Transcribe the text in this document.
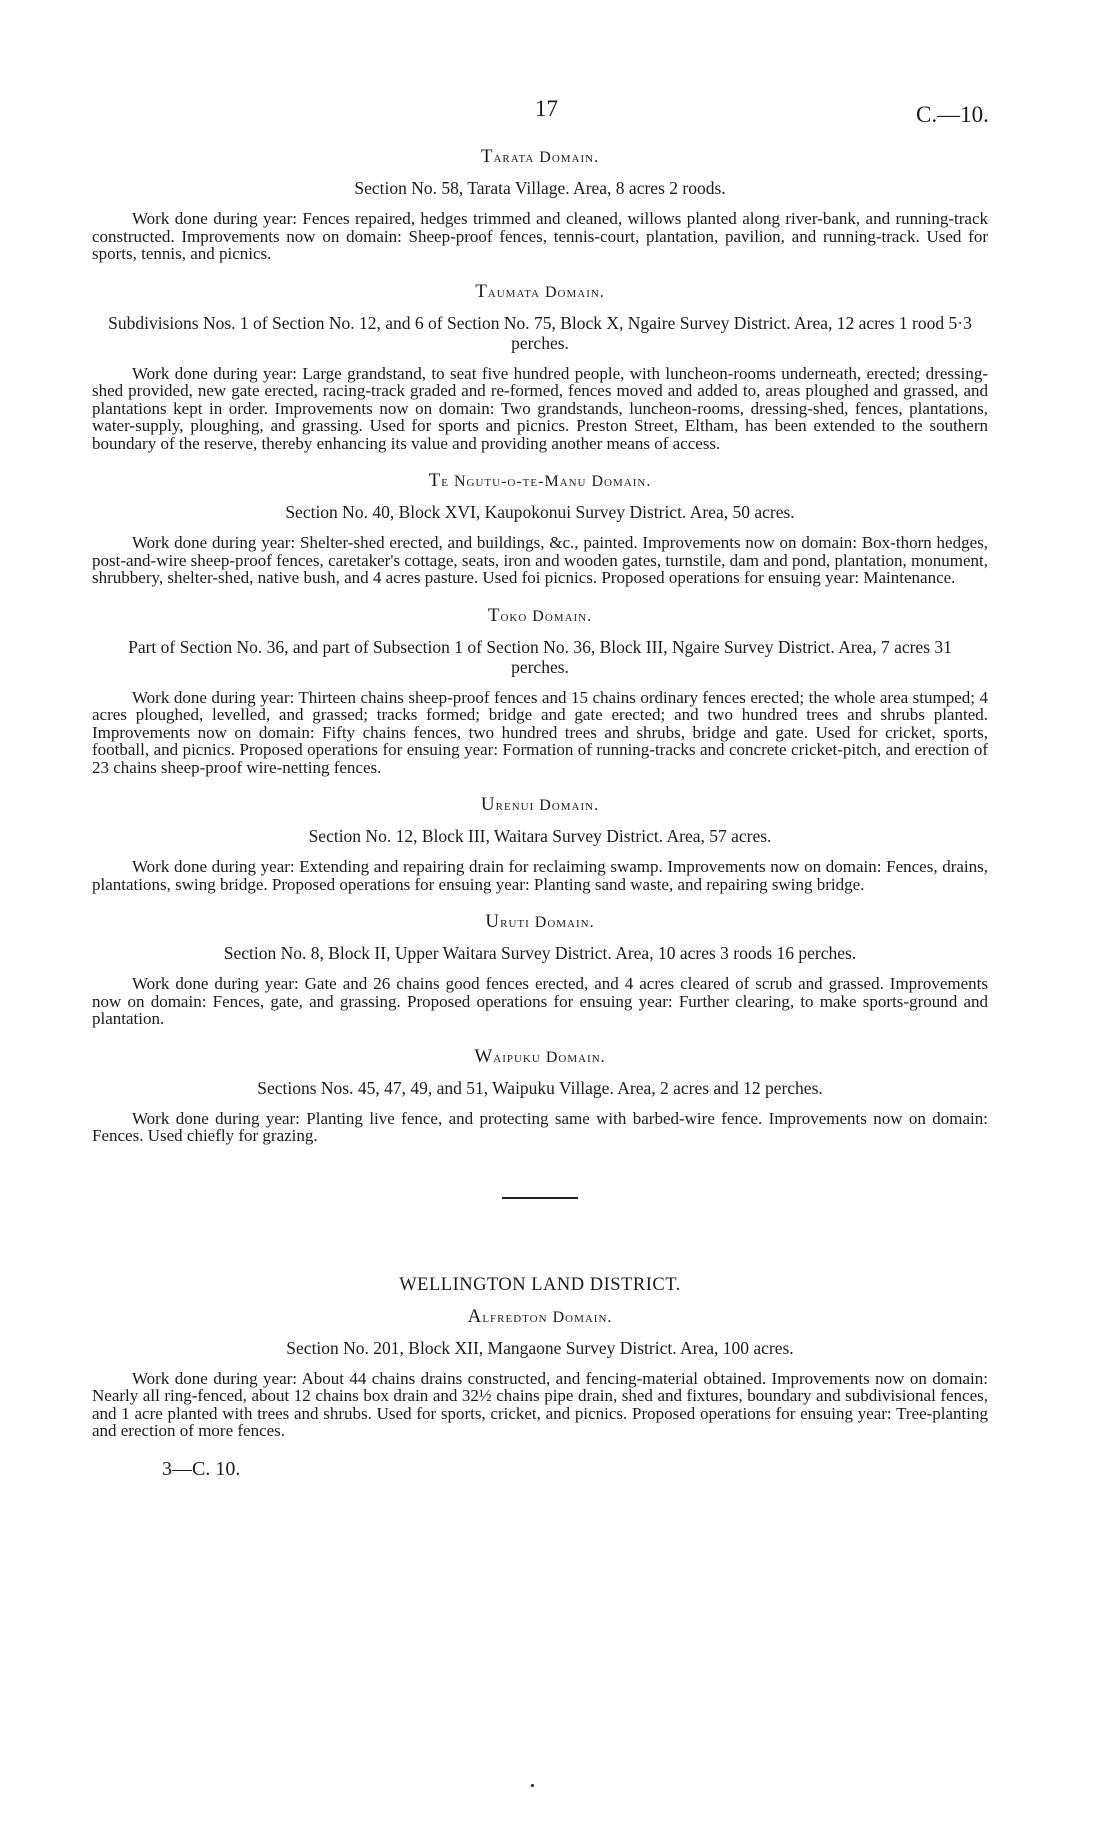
17	C.—10.
Tarata Domain.
Section No. 58, Tarata Village. Area, 8 acres 2 roods.

Work done during year: Fences repaired, hedges trimmed and cleaned, willows planted along river-bank, and running-track constructed. Improvements now on domain: Sheep-proof fences, tennis-court, plantation, pavilion, and running-track. Used for sports, tennis, and picnics.

Taumata Domain.
Subdivisions Nos. 1 of Section No. 12, and 6 of Section No. 75, Block X, Ngaire Survey District. Area, 12 acres 1 rood 5·3 perches.

Work done during year: Large grandstand, to seat five hundred people, with luncheon-rooms underneath, erected; dressing-shed provided, new gate erected, racing-track graded and re-formed, fences moved and added to, areas ploughed and grassed, and plantations kept in order. Improvements now on domain: Two grandstands, luncheon-rooms, dressing-shed, fences, plantations, water-supply, ploughing, and grassing. Used for sports and picnics. Preston Street, Eltham, has been extended to the southern boundary of the reserve, thereby enhancing its value and providing another means of access.

Te Ngutu-o-te-Manu Domain.
Section No. 40, Block XVI, Kaupokonui Survey District. Area, 50 acres.

Work done during year: Shelter-shed erected, and buildings, &c., painted. Improvements now on domain: Box-thorn hedges, post-and-wire sheep-proof fences, caretaker's cottage, seats, iron and wooden gates, turnstile, dam and pond, plantation, monument, shrubbery, shelter-shed, native bush, and 4 acres pasture. Used foi picnics. Proposed operations for ensuing year: Maintenance.

Toko Domain.
Part of Section No. 36, and part of Subsection 1 of Section No. 36, Block III, Ngaire Survey District. Area, 7 acres 31 perches.

Work done during year: Thirteen chains sheep-proof fences and 15 chains ordinary fences erected; the whole area stumped; 4 acres ploughed, levelled, and grassed; tracks formed; bridge and gate erected; and two hundred trees and shrubs planted. Improvements now on domain: Fifty chains fences, two hundred trees and shrubs, bridge and gate. Used for cricket, sports, football, and picnics. Proposed operations for ensuing year: Formation of running-tracks and concrete cricket-pitch, and erection of 23 chains sheep-proof wire-netting fences.

Urenui Domain.
Section No. 12, Block III, Waitara Survey District. Area, 57 acres.

Work done during year: Extending and repairing drain for reclaiming swamp. Improvements now on domain: Fences, drains, plantations, swing bridge. Proposed operations for ensuing year: Planting sand waste, and repairing swing bridge.

Uruti Domain.
Section No. 8, Block II, Upper Waitara Survey District. Area, 10 acres 3 roods 16 perches.

Work done during year: Gate and 26 chains good fences erected, and 4 acres cleared of scrub and grassed. Improvements now on domain: Fences, gate, and grassing. Proposed operations for ensuing year: Further clearing, to make sports-ground and plantation.

Waipuku Domain.
Sections Nos. 45, 47, 49, and 51, Waipuku Village. Area, 2 acres and 12 perches.

Work done during year: Planting live fence, and protecting same with barbed-wire fence. Improvements now on domain: Fences. Used chiefly for grazing.

WELLINGTON LAND DISTRICT.
Alfredton Domain.
Section No. 201, Block XII, Mangaone Survey District. Area, 100 acres.

Work done during year: About 44 chains drains constructed, and fencing-material obtained. Improvements now on domain: Nearly all ring-fenced, about 12 chains box drain and 32½ chains pipe drain, shed and fixtures, boundary and subdivisional fences, and 1 acre planted with trees and shrubs. Used for sports, cricket, and picnics. Proposed operations for ensuing year: Tree-planting and erection of more fences.

3—C. 10.
